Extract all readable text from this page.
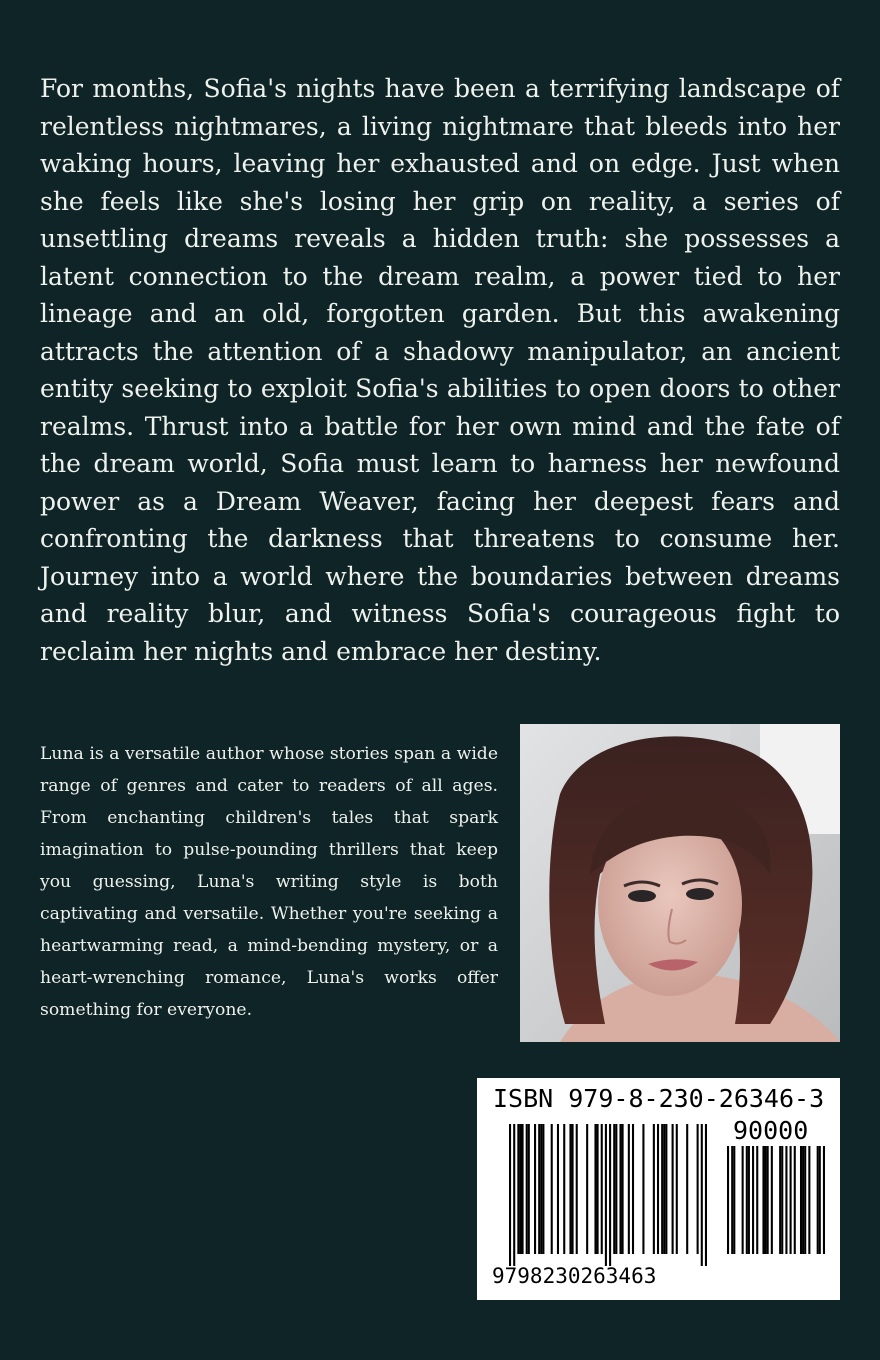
For months, Sofia's nights have been a terrifying landscape of relentless nightmares, a living nightmare that bleeds into her waking hours, leaving her exhausted and on edge. Just when she feels like she's losing her grip on reality, a series of unsettling dreams reveals a hidden truth: she possesses a latent connection to the dream realm, a power tied to her lineage and an old, forgotten garden. But this awakening attracts the attention of a shadowy manipulator, an ancient entity seeking to exploit Sofia's abilities to open doors to other realms. Thrust into a battle for her own mind and the fate of the dream world, Sofia must learn to harness her newfound power as a Dream Weaver, facing her deepest fears and confronting the darkness that threatens to consume her. Journey into a world where the boundaries between dreams and reality blur, and witness Sofia's courageous fight to reclaim her nights and embrace her destiny.

Luna is a versatile author whose stories span a wide range of genres and cater to readers of all ages. From enchanting children's tales that spark imagination to pulse-pounding thrillers that keep you guessing, Luna's writing style is both captivating and versatile. Whether you're seeking a heartwarming read, a mind-bending mystery, or a heart-wrenching romance, Luna's works offer something for everyone.

ISBN 979-8-230-26346-3

90000

9798230263463
